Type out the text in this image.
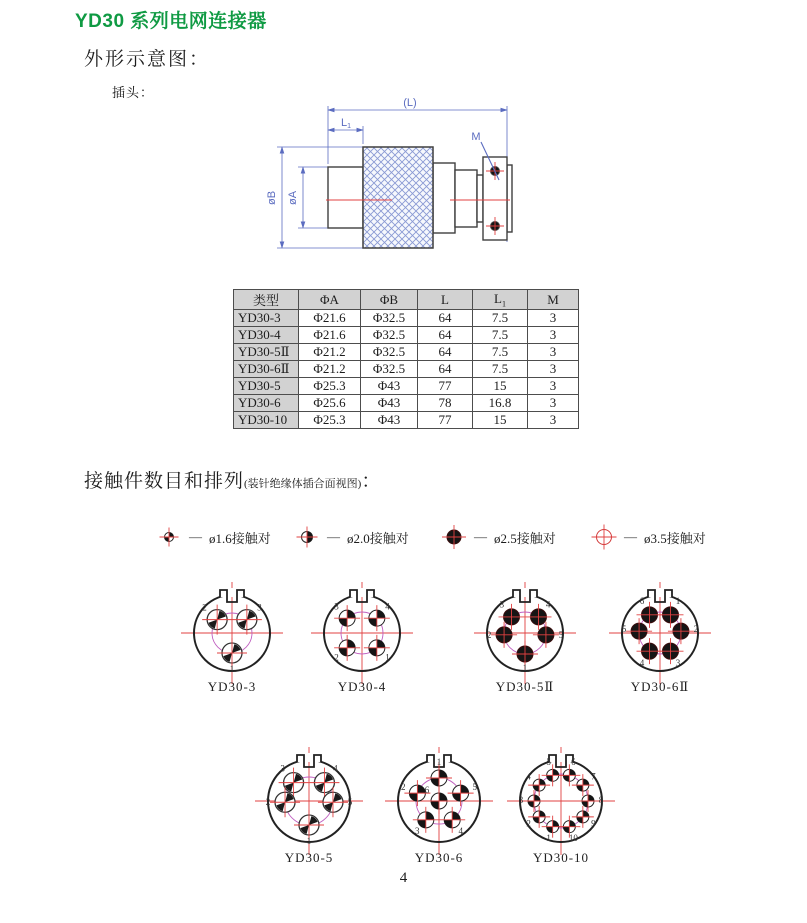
YD30 系列电网连接器
外形示意图：
插头：
(L)
L1
øB øA
M
类型	ΦA	ΦB	L	$L_1$	M
YD30-3	Φ21.6	Φ32.5	64	7.5	3
YD30-4	Φ21.6	Φ32.5	64	7.5	3
YD30-5Ⅱ	Φ21.2	Φ32.5	64	7.5	3
YD30-6Ⅱ	Φ21.2	Φ32.5	64	7.5	3
YD30-5	Φ25.3	Φ43	77	15	3
YD30-6	Φ25.6	Φ43	78	16.8	3
YD30-10	Φ25.3	Φ43	77	15	3
接触件数目和排列(装针绝缘体插合面视图)：
— ø1.6接触对	— ø2.0接触对	— ø2.5接触对	— ø3.5接触对
2	3
1
YD30-3
3	4
1
2
YD30-4
3	4
5
1
2
YD30-5Ⅱ
6	1
2
3
4
5
YD30-6Ⅱ
3	4
5
1
2
YD30-5
1
5
4
3
2 6
YD30-6
5 6
7
8
9
10
1
2
3
4
YD30-10
4
